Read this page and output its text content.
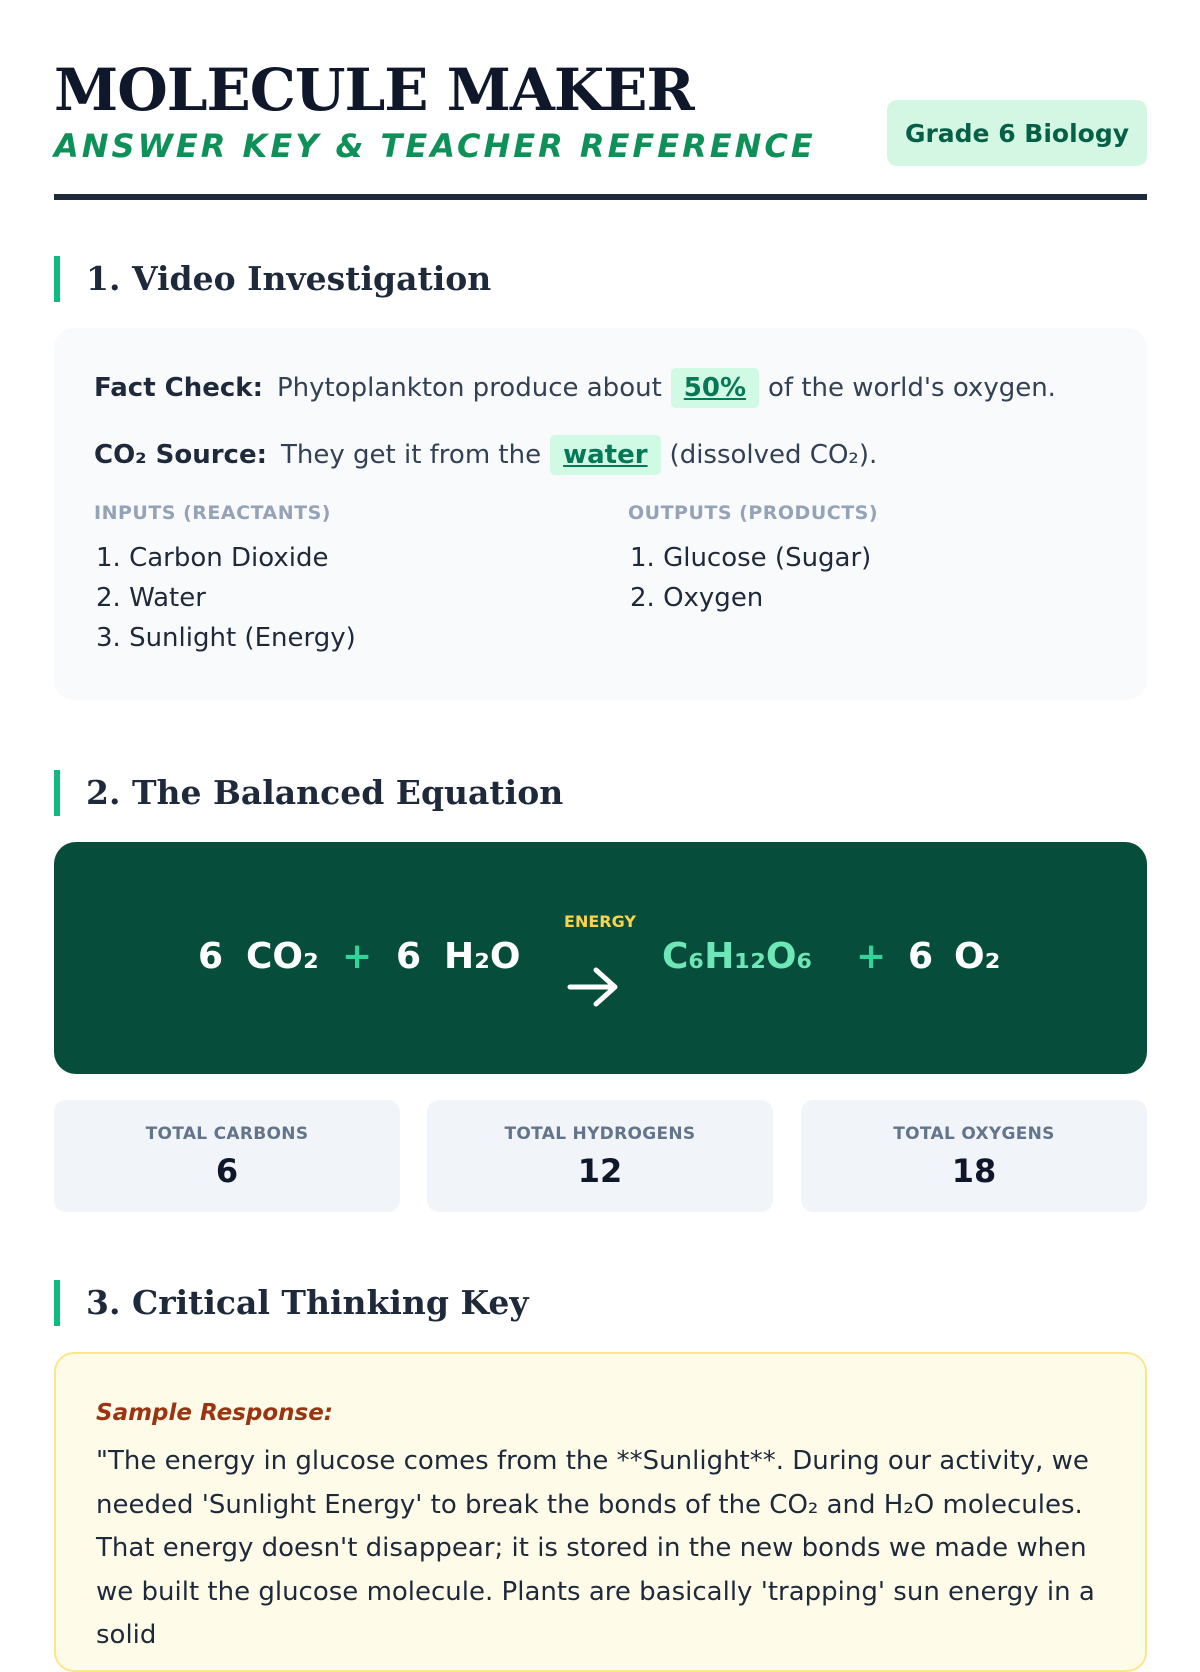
MOLECULE MAKER
ANSWER KEY & TEACHER REFERENCE	Grade 6 Biology
1. Video Investigation
Fact Check: Phytoplankton produce about 50% of the world's oxygen.
CO₂ Source: They get it from the water (dissolved CO₂).
INPUTS (REACTANTS)
1. Carbon Dioxide
2. Water
3. Sunlight (Energy)
OUTPUTS (PRODUCTS)
1. Glucose (Sugar)
2. Oxygen
2. The Balanced Equation
6 CO₂ + 6 H₂O
ENERGY
C₆H₁₂O₆ + 6 O₂
TOTAL CARBONS
6
TOTAL HYDROGENS
12
TOTAL OXYGENS
18
3. Critical Thinking Key
Sample Response:
"The energy in glucose comes from the **Sunlight**. During our activity, we needed 'Sunlight Energy' to break the bonds of the CO₂ and H₂O molecules. That energy doesn't disappear; it is stored in the new bonds we made when we built the glucose molecule. Plants are basically 'trapping' sun energy in a solid
